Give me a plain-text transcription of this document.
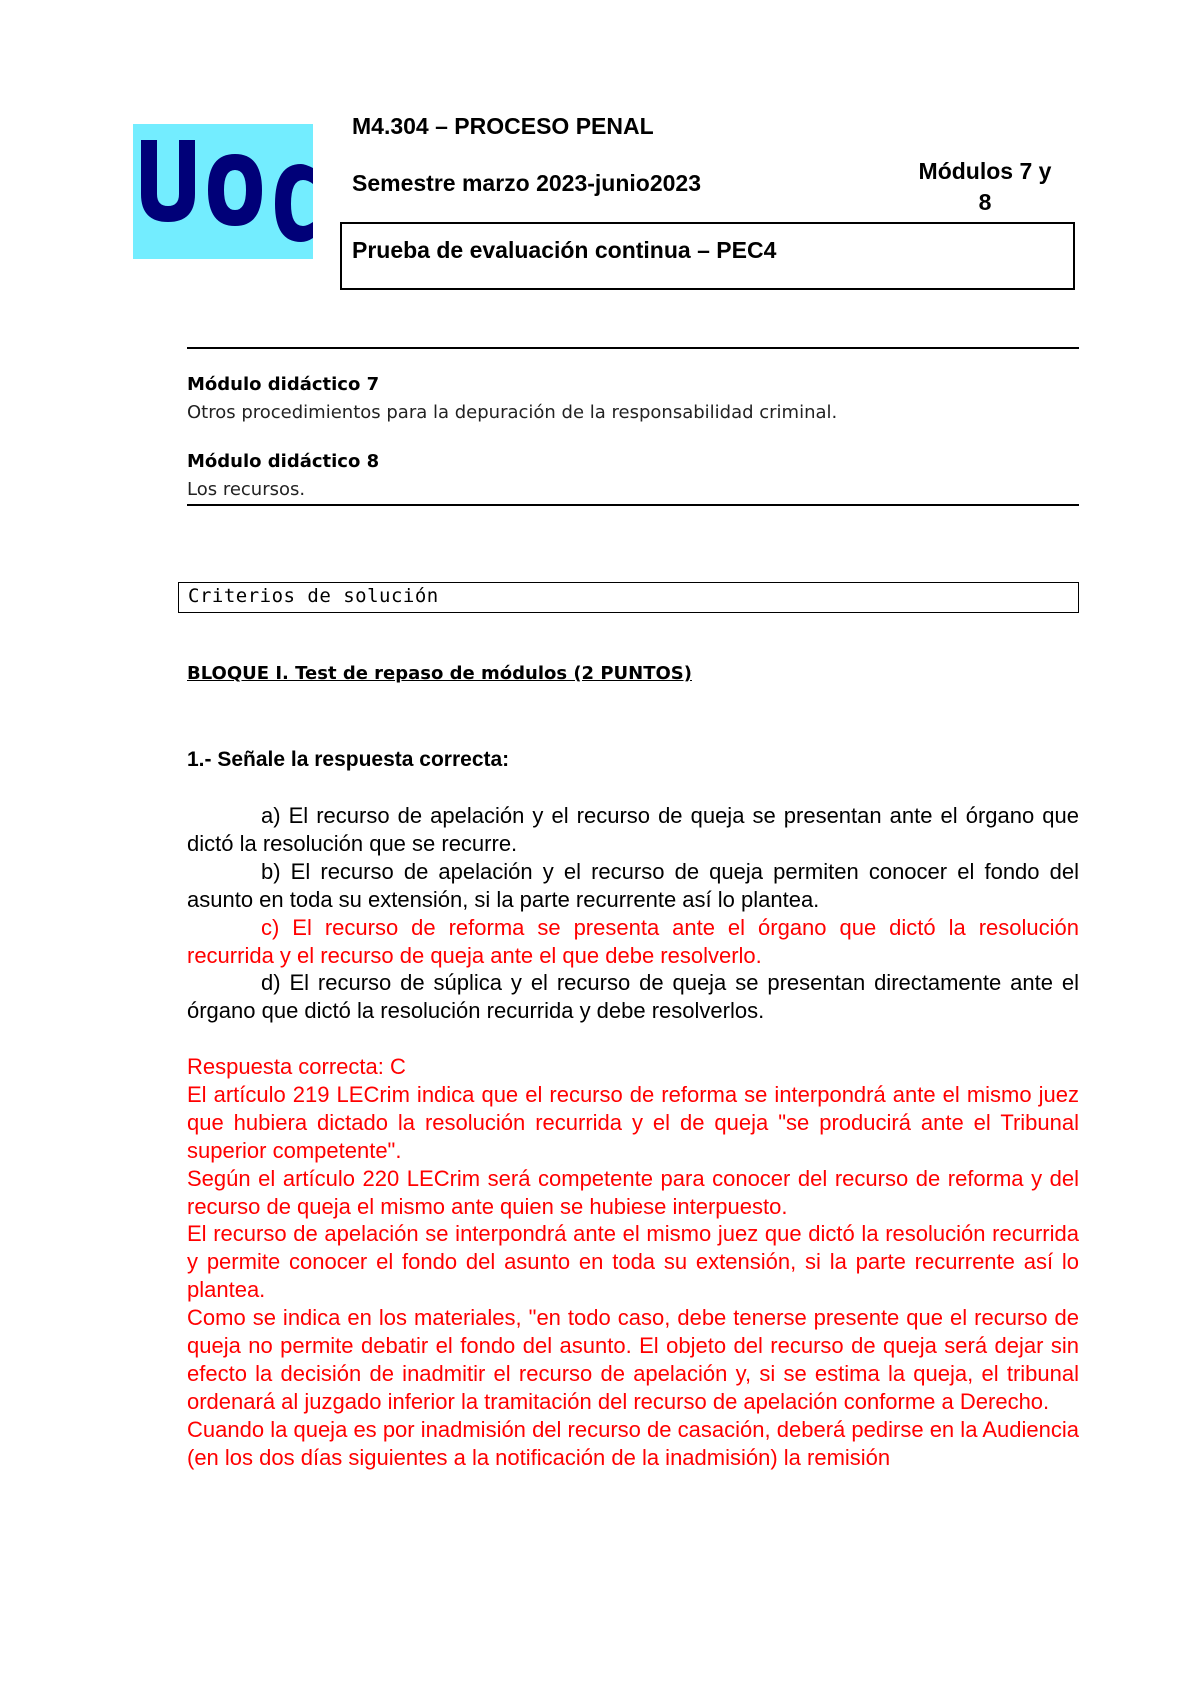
M4.304 – PROCESO PENAL
Semestre marzo 2023-junio2023	Módulos 7 y
8
Prueba de evaluación continua – PEC4
Módulo didáctico 7
Otros procedimientos para la depuración de la responsabilidad criminal.
Módulo didáctico 8
Los recursos.
Criterios de solución
BLOQUE I. Test de repaso de módulos (2 PUNTOS)
1.- Señale la respuesta correcta:

a) El recurso de apelación y el recurso de queja se presentan ante el órgano que dictó la resolución que se recurre.

b) El recurso de apelación y el recurso de queja permiten conocer el fondo del asunto en toda su extensión, si la parte recurrente así lo plantea.

c) El recurso de reforma se presenta ante el órgano que dictó la resolución recurrida y el recurso de queja ante el que debe resolverlo.

d) El recurso de súplica y el recurso de queja se presentan directamente ante el órgano que dictó la resolución recurrida y debe resolverlos.

Respuesta correcta: C

El artículo 219 LECrim indica que el recurso de reforma se interpondrá ante el mismo juez que hubiera dictado la resolución recurrida y el de queja "se producirá ante el Tribunal superior competente".

Según el artículo 220 LECrim será competente para conocer del recurso de reforma y del recurso de queja el mismo ante quien se hubiese interpuesto.

El recurso de apelación se interpondrá ante el mismo juez que dictó la resolución recurrida y permite conocer el fondo del asunto en toda su extensión, si la parte recurrente así lo plantea.

Como se indica en los materiales, "en todo caso, debe tenerse presente que el recurso de queja no permite debatir el fondo del asunto. El objeto del recurso de queja será dejar sin efecto la decisión de inadmitir el recurso de apelación y, si se estima la queja, el tribunal ordenará al juzgado inferior la tramitación del recurso de apelación conforme a Derecho.

Cuando la queja es por inadmisión del recurso de casación, deberá pedirse en la Audiencia (en los dos días siguientes a la notificación de la inadmisión) la remisión
